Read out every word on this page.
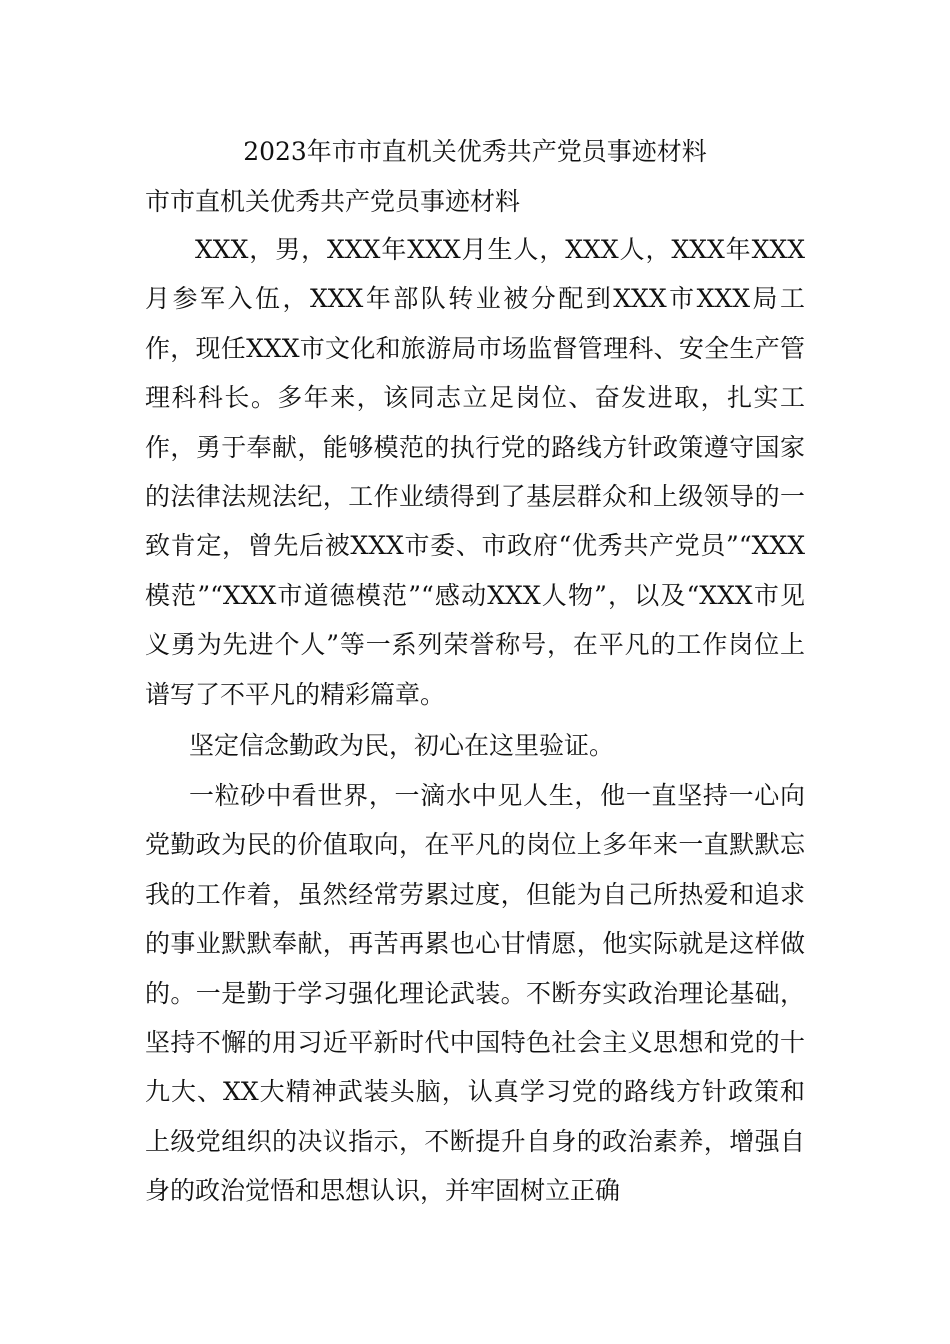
2023年市市直机关优秀共产党员事迹材料
市市直机关优秀共产党员事迹材料

XXX，男，XXX年XXX月生人，XXX人，XXX年XXX月参军入伍，XXX年部队转业被分配到XXX市XXX局工作，现任XXX市文化和旅游局市场监督管理科、安全生产管理科科长。多年来，该同志立足岗位、奋发进取，扎实工作，勇于奉献，能够模范的执行党的路线方针政策遵守国家的法律法规法纪，工作业绩得到了基层群众和上级领导的一致肯定，曾先后被XXX市委、市政府“优秀共产党员”“XXX模范”“XXX市道德模范”“感动XXX人物”，以及“XXX市见义勇为先进个人”等一系列荣誉称号，在平凡的工作岗位上谱写了不平凡的精彩篇章。

坚定信念勤政为民，初心在这里验证。

一粒砂中看世界，一滴水中见人生，他一直坚持一心向党勤政为民的价值取向，在平凡的岗位上多年来一直默默忘我的工作着，虽然经常劳累过度，但能为自己所热爱和追求的事业默默奉献，再苦再累也心甘情愿，他实际就是这样做的。一是勤于学习强化理论武装。不断夯实政治理论基础，坚持不懈的用习近平新时代中国特色社会主义思想和党的十九大、XX大精神武装头脑，认真学习党的路线方针政策和上级党组织的决议指示，不断提升自身的政治素养，增强自身的政治觉悟和思想认识，并牢固树立正确
